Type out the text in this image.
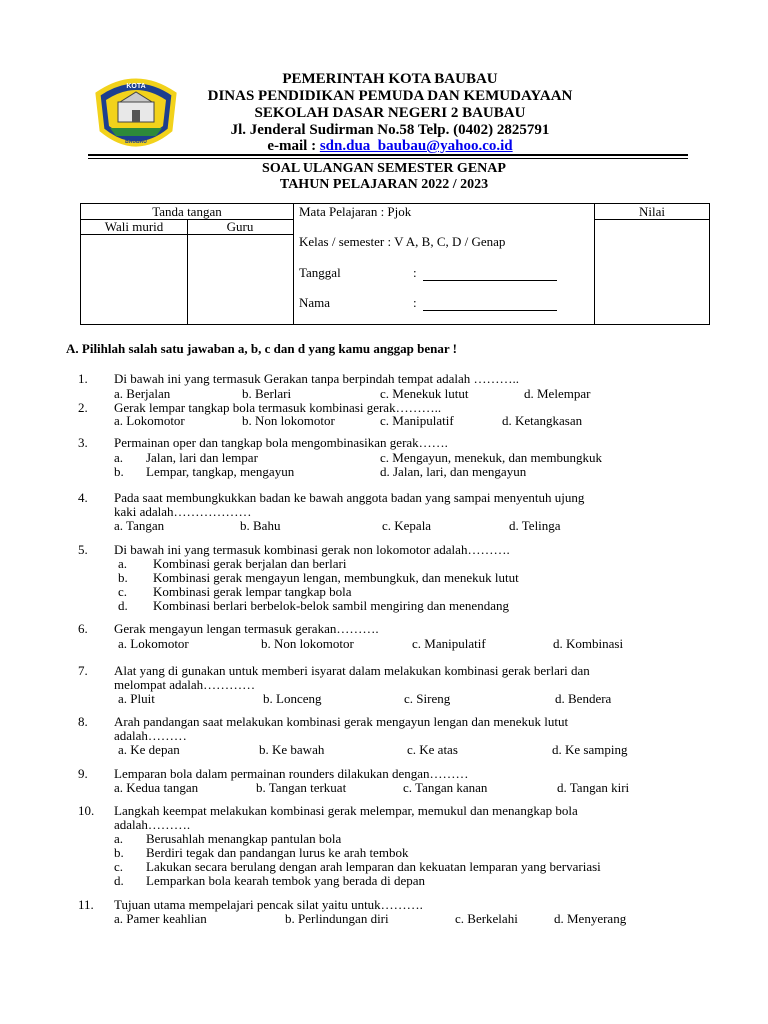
KOTA
BAUBAU
PEMERINTAH KOTA BAUBAU
DINAS PENDIDIKAN PEMUDA DAN KEMUDAYAAN
SEKOLAH DASAR NEGERI 2 BAUBAU
Jl. Jenderal Sudirman No.58 Telp. (0402) 2825791
e-mail : sdn.dua_baubau@yahoo.co.id
SOAL ULANGAN SEMESTER GENAP
TAHUN PELAJARAN 2022 / 2023
Tanda tangan
Wali murid	Guru
Nilai
Mata Pelajaran : Pjok
Kelas / semester : V A, B, C, D / Genap
Tanggal	:
Nama	:
A. Pilihlah salah satu jawaban a, b, c dan d yang kamu anggap benar !
1. Di bawah ini yang termasuk Gerakan tanpa berpindah tempat adalah ………..
a. Berjalan	b. Berlari	c. Menekuk lutut	d. Melempar
2. Gerak lempar tangkap bola termasuk kombinasi gerak………..
a. Lokomotor	b. Non lokomotor	c. Manipulatif	d. Ketangkasan
3. Permainan oper dan tangkap bola mengombinasikan gerak…….
a. Jalan, lari dan lempar	c. Mengayun, menekuk, dan membungkuk
b. Lempar, tangkap, mengayun	d. Jalan, lari, dan mengayun
4. Pada saat membungkukkan badan ke bawah anggota badan yang sampai menyentuh ujung
kaki adalah………………
a. Tangan	b. Bahu	c. Kepala	d. Telinga
5. Di bawah ini yang termasuk kombinasi gerak non lokomotor adalah……….
a. Kombinasi gerak berjalan dan berlari
b. Kombinasi gerak mengayun lengan, membungkuk, dan menekuk lutut
c. Kombinasi gerak lempar tangkap bola
d. Kombinasi berlari berbelok-belok sambil mengiring dan menendang
6. Gerak mengayun lengan termasuk gerakan……….
a. Lokomotor	b. Non lokomotor	c. Manipulatif	d. Kombinasi
7. Alat yang di gunakan untuk memberi isyarat dalam melakukan kombinasi gerak berlari dan
melompat adalah…………
a. Pluit	b. Lonceng	c. Sireng	d. Bendera
8. Arah pandangan saat melakukan kombinasi gerak mengayun lengan dan menekuk lutut
adalah………
a. Ke depan	b. Ke bawah	c. Ke atas	d. Ke samping
9. Lemparan bola dalam permainan rounders dilakukan dengan………
a. Kedua tangan	b. Tangan terkuat	c. Tangan kanan	d. Tangan kiri
10. Langkah keempat melakukan kombinasi gerak melempar, memukul dan menangkap bola
adalah……….
a. Berusahlah menangkap pantulan bola
b. Berdiri tegak dan pandangan lurus ke arah tembok
c. Lakukan secara berulang dengan arah lemparan dan kekuatan lemparan yang bervariasi
d. Lemparkan bola kearah tembok yang berada di depan
11. Tujuan utama mempelajari pencak silat yaitu untuk……….
a. Pamer keahlian	b. Perlindungan diri	c. Berkelahi	d. Menyerang
